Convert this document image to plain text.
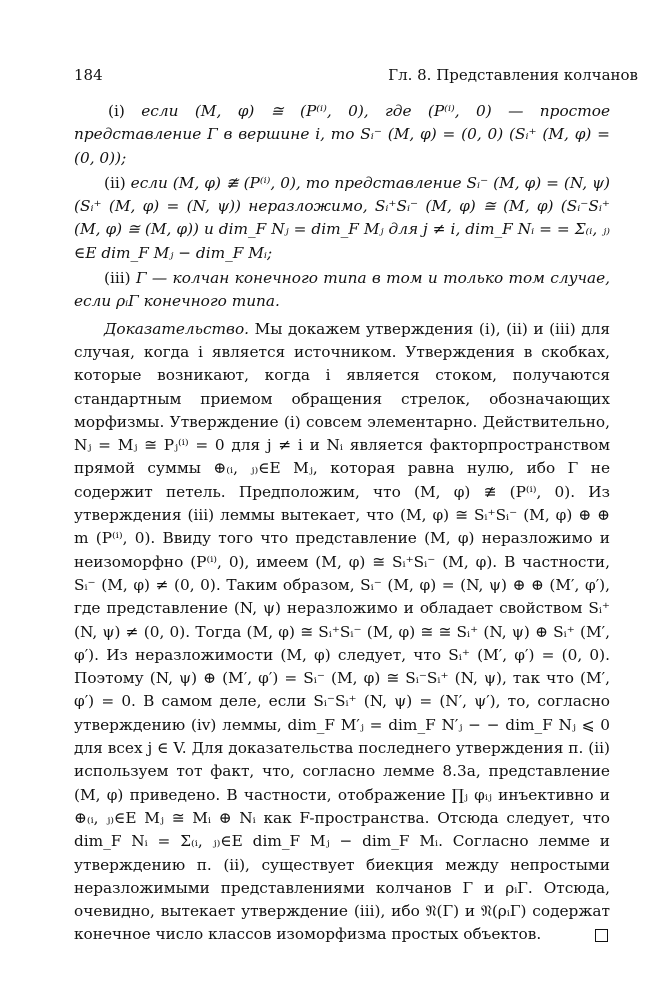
184	Гл. 8. Представления колчанов

(i) если (M, φ) ≅ (P⁽ⁱ⁾, 0), где (P⁽ⁱ⁾, 0) — простое представление Γ в вершине i, то Sᵢ⁻ (M, φ) = (0, 0) (Sᵢ⁺ (M, φ) = (0, 0));

(ii) если (M, φ) ≇ (P⁽ⁱ⁾, 0), то представление Sᵢ⁻ (M, φ) = (N, ψ) (Sᵢ⁺ (M, φ) = (N, ψ)) неразложимо, Sᵢ⁺Sᵢ⁻ (M, φ) ≅ (M, φ) (Sᵢ⁻Sᵢ⁺ (M, φ) ≅ (M, φ)) и dim_F Nⱼ = dim_F Mⱼ для j ≠ i, dim_F Nᵢ = = Σ₍ᵢ, ⱼ₎∈E dim_F Mⱼ − dim_F Mᵢ;

(iii) Γ — колчан конечного типа в том и только том случае, если ρᵢΓ конечного типа.

Доказательство. Мы докажем утверждения (i), (ii) и (iii) для случая, когда i является источником. Утверждения в скобках, которые возникают, когда i является стоком, получаются стандартным приемом обращения стрелок, обозначающих морфизмы. Утверждение (i) совсем элементарно. Действительно, Nⱼ = Mⱼ ≅ Pⱼ⁽ⁱ⁾ = 0 для j ≠ i и Nᵢ является факторпространством прямой суммы ⊕₍ᵢ, ⱼ₎∈E Mⱼ, которая равна нулю, ибо Γ не содержит петель. Предположим, что (M, φ) ≇ (P⁽ⁱ⁾, 0). Из утверждения (iii) леммы вытекает, что (M, φ) ≅ Sᵢ⁺Sᵢ⁻ (M, φ) ⊕ ⊕ m (P⁽ⁱ⁾, 0). Ввиду того что представление (M, φ) неразложимо и неизоморфно (P⁽ⁱ⁾, 0), имеем (M, φ) ≅ Sᵢ⁺Sᵢ⁻ (M, φ). В частности, Sᵢ⁻ (M, φ) ≠ (0, 0). Таким образом, Sᵢ⁻ (M, φ) = (N, ψ) ⊕ ⊕ (M′, φ′), где представление (N, ψ) неразложимо и обладает свойством Sᵢ⁺ (N, ψ) ≠ (0, 0). Тогда (M, φ) ≅ Sᵢ⁺Sᵢ⁻ (M, φ) ≅ ≅ Sᵢ⁺ (N, ψ) ⊕ Sᵢ⁺ (M′, φ′). Из неразложимости (M, φ) следует, что Sᵢ⁺ (M′, φ′) = (0, 0). Поэтому (N, ψ) ⊕ (M′, φ′) = Sᵢ⁻ (M, φ) ≅ Sᵢ⁻Sᵢ⁺ (N, ψ), так что (M′, φ′) = 0. В самом деле, если Sᵢ⁻Sᵢ⁺ (N, ψ) = (N′, ψ′), то, согласно утверждению (iv) леммы, dim_F M′ⱼ = dim_F N′ⱼ − − dim_F Nⱼ ⩽ 0 для всех j ∈ V. Для доказательства последнего утверждения п. (ii) используем тот факт, что, согласно лемме 8.3а, представление (M, φ) приведено. В частности, отображение ∏ⱼ φᵢⱼ инъективно и ⊕₍ᵢ, ⱼ₎∈E Mⱼ ≅ Mᵢ ⊕ Nᵢ как F-пространства. Отсюда следует, что dim_F Nᵢ = Σ₍ᵢ, ⱼ₎∈E dim_F Mⱼ − dim_F Mᵢ. Согласно лемме и утверждению п. (ii), существует биекция между непростыми неразложимыми представлениями колчанов Γ и ρᵢΓ. Отсюда, очевидно, вытекает утверждение (iii), ибо 𝔑(Γ) и 𝔑(ρᵢΓ) содержат конечное число классов изоморфизма простых объектов.
